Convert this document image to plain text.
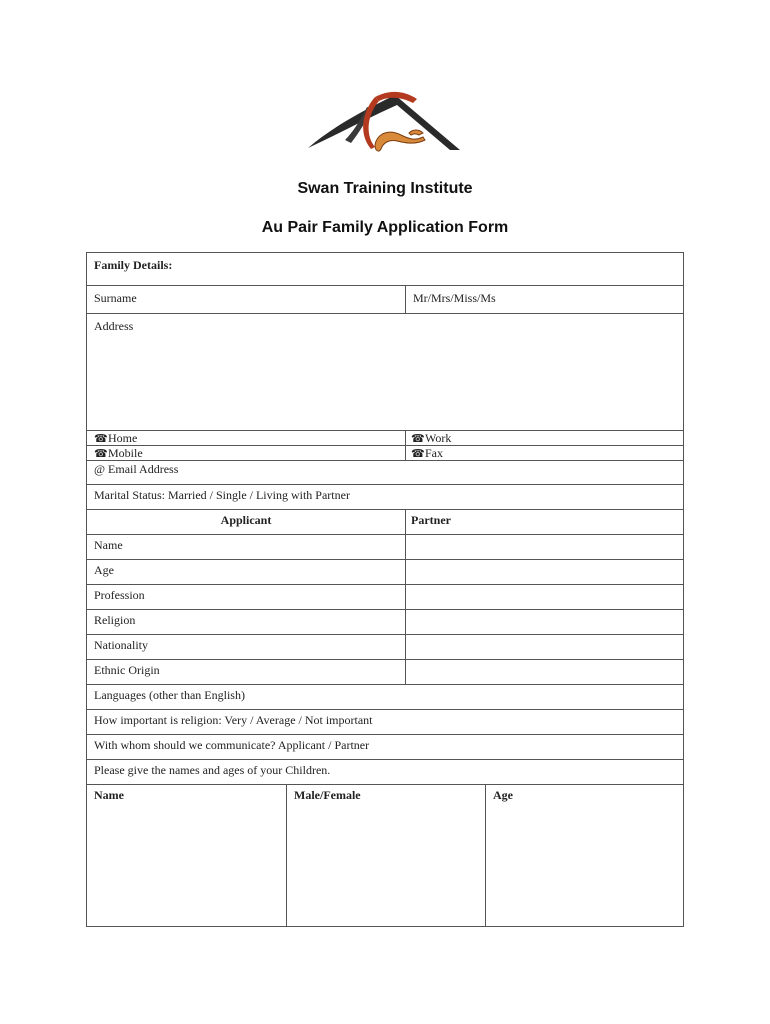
Swan Training Institute
Au Pair Family Application Form
Family Details:
Surname	Mr/Mrs/Miss/Ms
Address
☎Home	☎Work
☎Mobile	☎Fax
@ Email Address
Marital Status: Married / Single / Living with Partner
Applicant	Partner
Name
Age
Profession
Religion
Nationality
Ethnic Origin
Languages (other than English)
How important is religion: Very / Average / Not important
With whom should we communicate? Applicant / Partner
Please give the names and ages of your Children.
Name	Male/Female	Age
